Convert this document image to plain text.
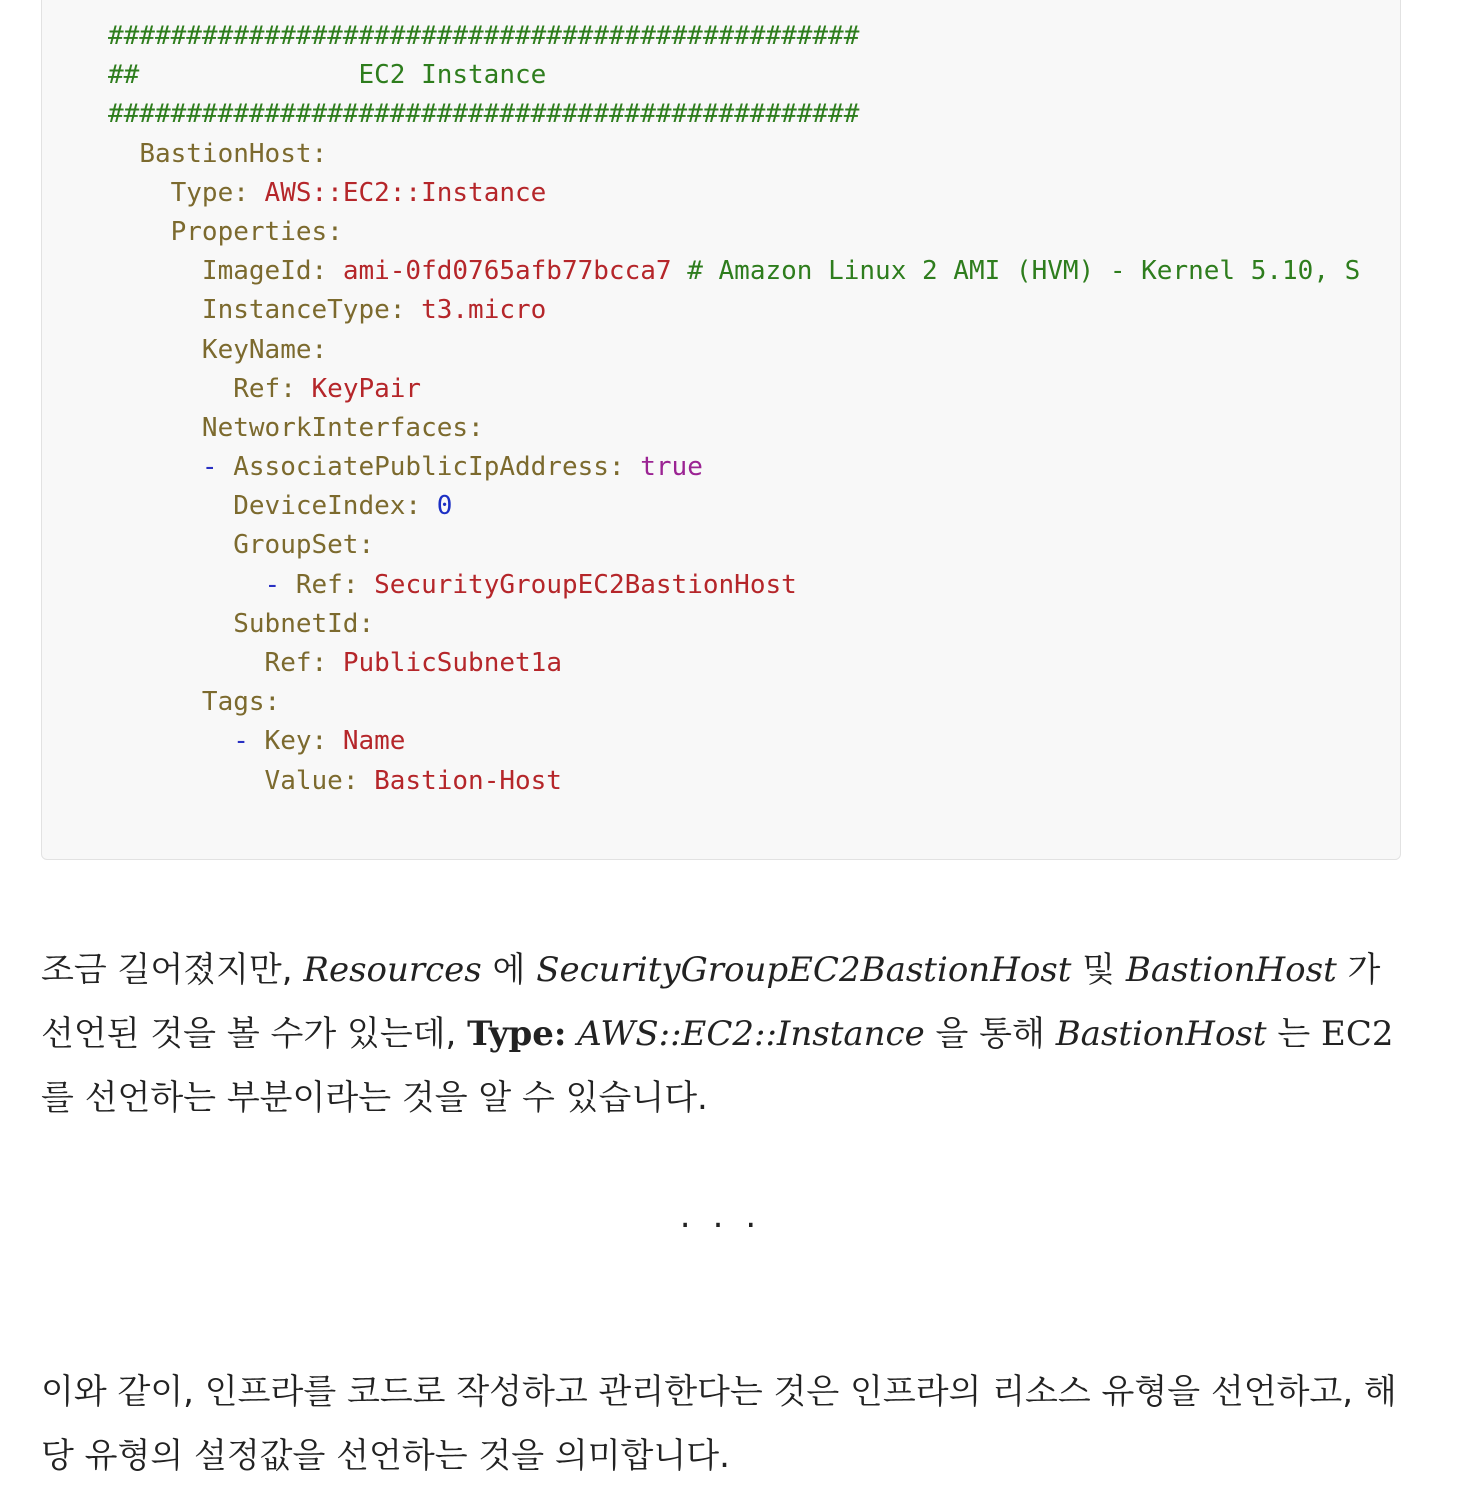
################################################
##              EC2 Instance
################################################
BastionHost:
Type: AWS::EC2::Instance
Properties:
ImageId: ami-0fd0765afb77bcca7 # Amazon Linux 2 AMI (HVM) - Kernel 5.10, S
InstanceType: t3.micro
KeyName:
Ref: KeyPair
NetworkInterfaces:
- AssociatePublicIpAddress: true
DeviceIndex: 0
GroupSet:
- Ref: SecurityGroupEC2BastionHost
SubnetId:
Ref: PublicSubnet1a
Tags:
- Key: Name
Value: Bastion-Host

조금 길어졌지만, Resources 에 SecurityGroupEC2BastionHost 및 BastionHost 가 선언된 것을 볼 수가 있는데, Type: AWS::EC2::Instance 을 통해 BastionHost 는 EC2 를 선언하는 부분이라는 것을 알 수 있습니다.

...

이와 같이, 인프라를 코드로 작성하고 관리한다는 것은 인프라의 리소스 유형을 선언하고, 해당 유형의 설정값을 선언하는 것을 의미합니다.
